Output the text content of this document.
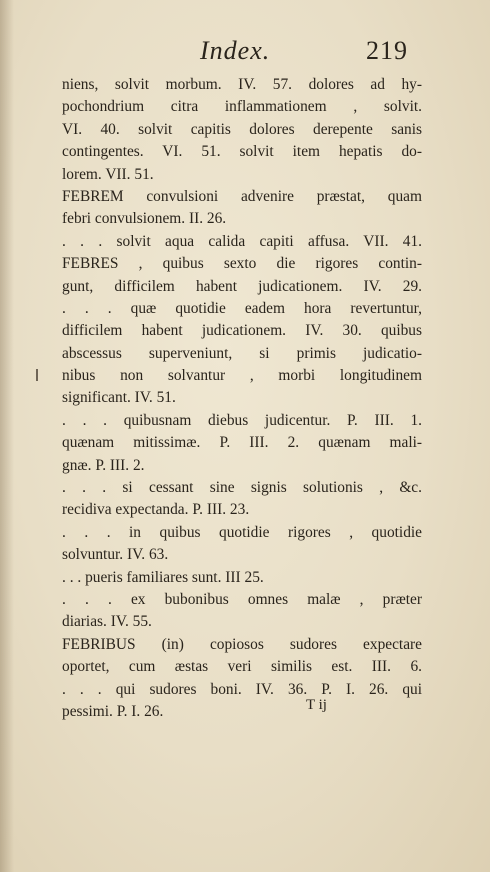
Index.	219
niens, solvit morbum. IV. 57. dolores ad hy-
pochondrium citra inflammationem , solvit.
VI. 40. solvit capitis dolores derepente sanis
contingentes. VI. 51. solvit item hepatis do-
lorem. VII. 51.
FEBREM convulsioni advenire præstat, quam
febri convulsionem. II. 26.
. . . solvit aqua calida capiti affusa. VII. 41.
FEBRES , quibus sexto die rigores contin-
gunt, difficilem habent judicationem. IV. 29.
. . . quæ quotidie eadem hora revertuntur,
difficilem habent judicationem. IV. 30. quibus
abscessus superveniunt, si primis judicatio-
nibus non solvantur , morbi longitudinem
significant. IV. 51.
. . . quibusnam diebus judicentur. P. III. 1.
quænam mitissimæ. P. III. 2. quænam mali-
gnæ. P. III. 2.
. . . si cessant sine signis solutionis , &c.
recidiva expectanda. P. III. 23.
. . . in quibus quotidie rigores , quotidie
solvuntur. IV. 63.
. . . pueris familiares sunt. III 25.
. . . ex bubonibus omnes malæ , præter
diarias. IV. 55.
FEBRIBUS (in) copiosos sudores expectare
oportet, cum æstas veri similis est. III. 6.
. . . qui sudores boni. IV. 36. P. I. 26. qui
pessimi. P. I. 26.	T ij
